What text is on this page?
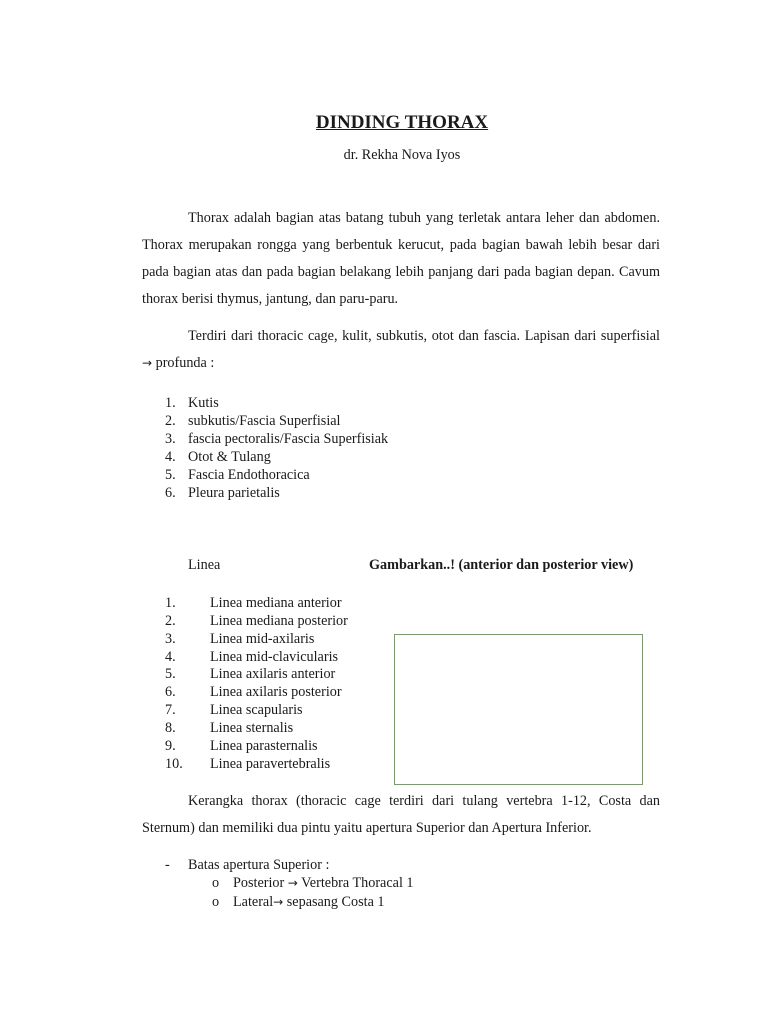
DINDING THORAX
dr. Rekha Nova Iyos

Thorax adalah bagian atas batang tubuh yang terletak antara leher dan abdomen. Thorax merupakan rongga yang berbentuk kerucut, pada bagian bawah lebih besar dari pada bagian atas dan pada bagian belakang lebih panjang dari pada bagian depan. Cavum thorax berisi thymus, jantung, dan paru-paru.

Terdiri dari thoracic cage, kulit, subkutis, otot dan fascia. Lapisan dari superfisial → profunda :

1. Kutis
2. subkutis/Fascia Superfisial
3. fascia pectoralis/Fascia Superfisiak
4. Otot & Tulang
5. Fascia Endothoracica
6. Pleura parietalis
Linea	Gambarkan..! (anterior dan posterior view)
1. Linea mediana anterior
2. Linea mediana posterior
3. Linea mid-axilaris
4. Linea mid-clavicularis
5. Linea axilaris anterior
6. Linea axilaris posterior
7. Linea scapularis
8. Linea sternalis
9. Linea parasternalis
10. Linea paravertebralis

Kerangka thorax (thoracic cage terdiri dari tulang vertebra 1-12, Costa dan Sternum) dan memiliki dua pintu yaitu apertura Superior dan Apertura Inferior.

- Batas apertura Superior :
o Posterior → Vertebra Thoracal 1
o Lateral→ sepasang Costa 1
